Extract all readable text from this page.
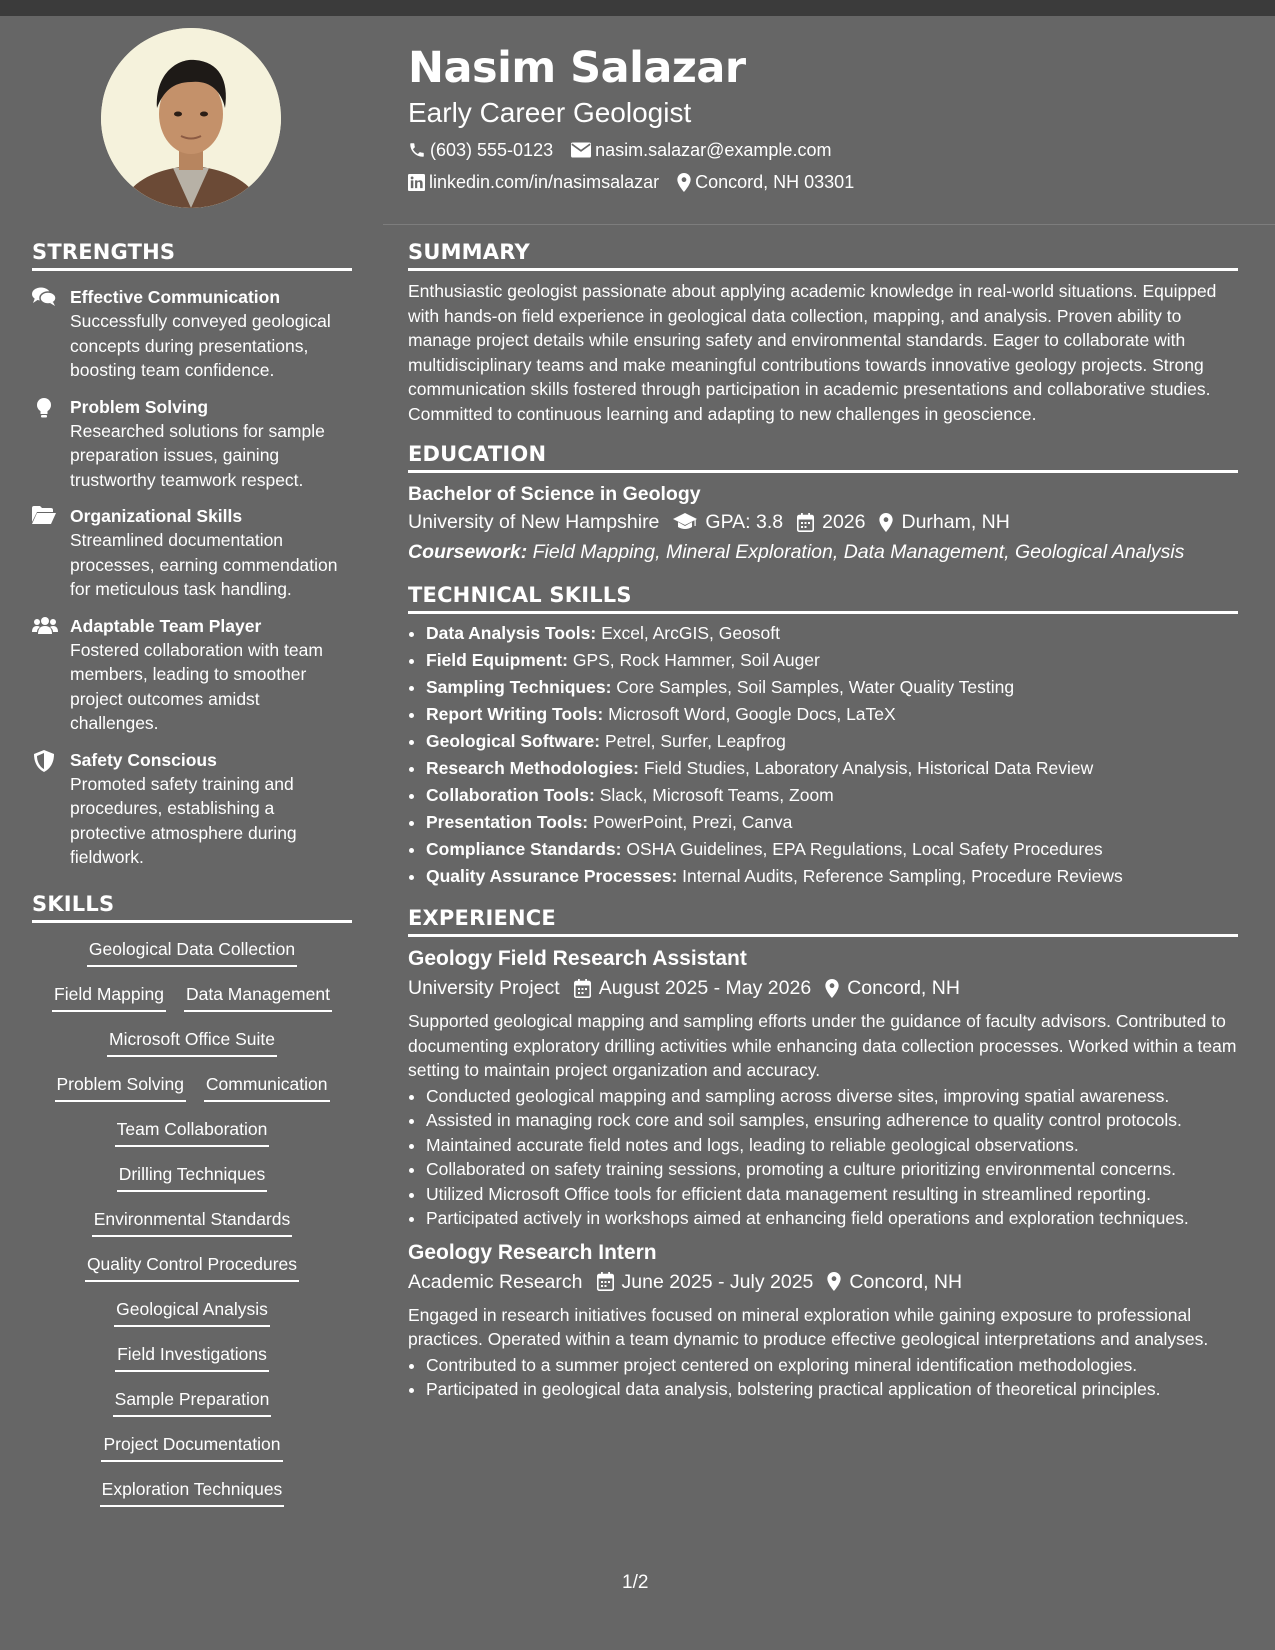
Nasim Salazar
Early Career Geologist
(603) 555-0123 nasim.salazar@example.com
linkedin.com/in/nasimsalazar Concord, NH 03301
STRENGTHS
Effective Communication
Successfully conveyed geological concepts during presentations, boosting team confidence.
Problem Solving
Researched solutions for sample preparation issues, gaining trustworthy teamwork respect.
Organizational Skills
Streamlined documentation processes, earning commendation for meticulous task handling.
Adaptable Team Player
Fostered collaboration with team members, leading to smoother project outcomes amidst challenges.
Safety Conscious
Promoted safety training and procedures, establishing a protective atmosphere during fieldwork.
SKILLS
Geological Data Collection
Field Mapping Data Management
Microsoft Office Suite
Problem Solving Communication
Team Collaboration
Drilling Techniques
Environmental Standards
Quality Control Procedures
Geological Analysis
Field Investigations
Sample Preparation
Project Documentation
Exploration Techniques
SUMMARY
Enthusiastic geologist passionate about applying academic knowledge in real-world situations. Equipped with hands-on field experience in geological data collection, mapping, and analysis. Proven ability to manage project details while ensuring safety and environmental standards. Eager to collaborate with multidisciplinary teams and make meaningful contributions towards innovative geology projects. Strong communication skills fostered through participation in academic presentations and collaborative studies. Committed to continuous learning and adapting to new challenges in geoscience.
EDUCATION
Bachelor of Science in Geology
University of New Hampshire GPA: 3.8 2026 Durham, NH
Coursework: Field Mapping, Mineral Exploration, Data Management, Geological Analysis
TECHNICAL SKILLS
• Data Analysis Tools: Excel, ArcGIS, Geosoft
• Field Equipment: GPS, Rock Hammer, Soil Auger
• Sampling Techniques: Core Samples, Soil Samples, Water Quality Testing
• Report Writing Tools: Microsoft Word, Google Docs, LaTeX
• Geological Software: Petrel, Surfer, Leapfrog
• Research Methodologies: Field Studies, Laboratory Analysis, Historical Data Review
• Collaboration Tools: Slack, Microsoft Teams, Zoom
• Presentation Tools: PowerPoint, Prezi, Canva
• Compliance Standards: OSHA Guidelines, EPA Regulations, Local Safety Procedures
• Quality Assurance Processes: Internal Audits, Reference Sampling, Procedure Reviews
EXPERIENCE
Geology Field Research Assistant
University Project August 2025 - May 2026 Concord, NH
Supported geological mapping and sampling efforts under the guidance of faculty advisors. Contributed to documenting exploratory drilling activities while enhancing data collection processes. Worked within a team setting to maintain project organization and accuracy.
• Conducted geological mapping and sampling across diverse sites, improving spatial awareness.
• Assisted in managing rock core and soil samples, ensuring adherence to quality control protocols.
• Maintained accurate field notes and logs, leading to reliable geological observations.
• Collaborated on safety training sessions, promoting a culture prioritizing environmental concerns.
• Utilized Microsoft Office tools for efficient data management resulting in streamlined reporting.
• Participated actively in workshops aimed at enhancing field operations and exploration techniques.
Geology Research Intern
Academic Research June 2025 - July 2025 Concord, NH
Engaged in research initiatives focused on mineral exploration while gaining exposure to professional practices. Operated within a team dynamic to produce effective geological interpretations and analyses.
• Contributed to a summer project centered on exploring mineral identification methodologies.
• Participated in geological data analysis, bolstering practical application of theoretical principles.
1/2
